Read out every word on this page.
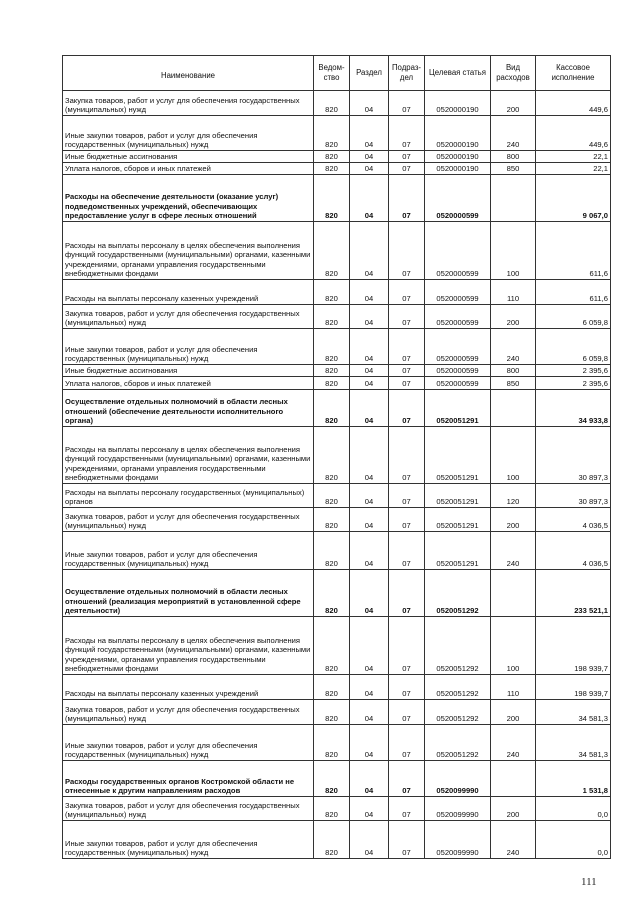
Наименование	Ведом-ство	Раздел	Подраз-дел	Целевая статья	Вид расходов	Кассовое исполнение
Закупка товаров, работ и услуг для обеспечения государственных (муниципальных) нужд	820	04	07	0520000190	200	449,6
Иные закупки товаров, работ и услуг для обеспечения государственных (муниципальных) нужд	820	04	07	0520000190	240	449,6
Иные бюджетные ассигнования	820	04	07	0520000190	800	22,1
Уплата налогов, сборов и иных платежей	820	04	07	0520000190	850	22,1
Расходы на обеспечение деятельности (оказание услуг) подведомственных учреждений, обеспечивающих предоставление услуг в сфере лесных отношений	820	04	07	0520000599		9 067,0
Расходы на выплаты персоналу в целях обеспечения выполнения функций государственными (муниципальными) органами, казенными учреждениями, органами управления государственными внебюджетными фондами	820	04	07	0520000599	100	611,6
Расходы на выплаты персоналу казенных учреждений	820	04	07	0520000599	110	611,6
Закупка товаров, работ и услуг для обеспечения государственных (муниципальных) нужд	820	04	07	0520000599	200	6 059,8
Иные закупки товаров, работ и услуг для обеспечения государственных (муниципальных) нужд	820	04	07	0520000599	240	6 059,8
Иные бюджетные ассигнования	820	04	07	0520000599	800	2 395,6
Уплата налогов, сборов и иных платежей	820	04	07	0520000599	850	2 395,6
Осуществление отдельных полномочий в области лесных отношений (обеспечение деятельности исполнительного органа)	820	04	07	0520051291		34 933,8
Расходы на выплаты персоналу в целях обеспечения выполнения функций государственными (муниципальными) органами, казенными учреждениями, органами управления государственными внебюджетными фондами	820	04	07	0520051291	100	30 897,3
Расходы на выплаты персоналу государственных (муниципальных) органов	820	04	07	0520051291	120	30 897,3
Закупка товаров, работ и услуг для обеспечения государственных (муниципальных) нужд	820	04	07	0520051291	200	4 036,5
Иные закупки товаров, работ и услуг для обеспечения государственных (муниципальных) нужд	820	04	07	0520051291	240	4 036,5
Осуществление отдельных полномочий в области лесных отношений (реализация мероприятий в установленной сфере деятельности)	820	04	07	0520051292		233 521,1
Расходы на выплаты персоналу в целях обеспечения выполнения функций государственными (муниципальными) органами, казенными учреждениями, органами управления государственными внебюджетными фондами	820	04	07	0520051292	100	198 939,7
Расходы на выплаты персоналу казенных учреждений	820	04	07	0520051292	110	198 939,7
Закупка товаров, работ и услуг для обеспечения государственных (муниципальных) нужд	820	04	07	0520051292	200	34 581,3
Иные закупки товаров, работ и услуг для обеспечения государственных (муниципальных) нужд	820	04	07	0520051292	240	34 581,3
Расходы государственных органов Костромской области не отнесенные к другим направлениям расходов	820	04	07	0520099990		1 531,8
Закупка товаров, работ и услуг для обеспечения государственных (муниципальных) нужд	820	04	07	0520099990	200	0,0
Иные закупки товаров, работ и услуг для обеспечения государственных (муниципальных) нужд	820	04	07	0520099990	240	0,0
111
